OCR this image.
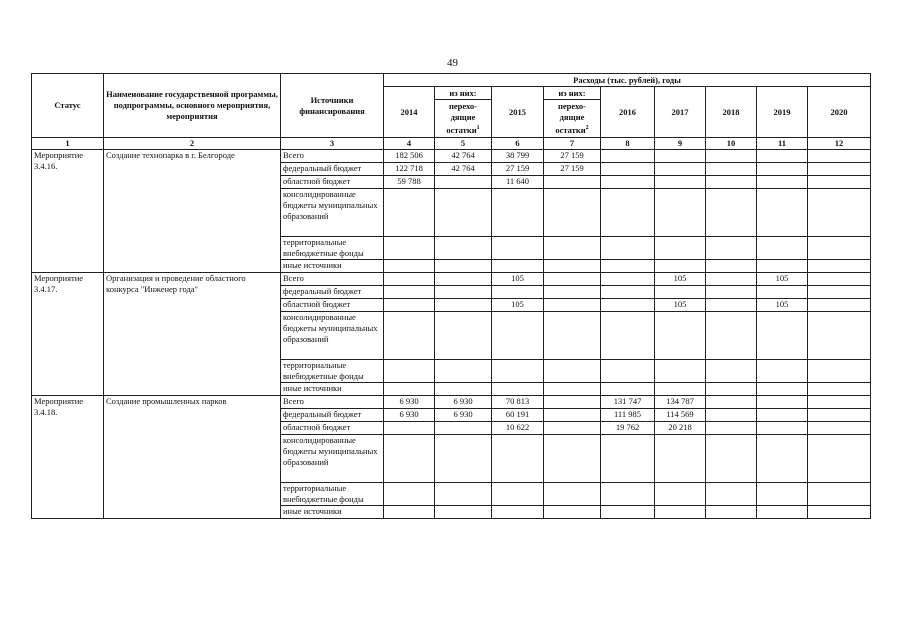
49
Статус	Наименование государственной программы, подпрограммы, основного мероприятия, мероприятия	Источники финансирования	Расходы (тыс. рублей), годы								
			2014	из них:	2015	из них:	2016	2017	2018	2019	2020
				перехо-дящие остатки$^1$		перехо-дящие остатки$^2$
1	2	3	4	5	6	7	8	9	10	11	12
Мероприятие 3.4.16.	Создание технопарка в г. Белгороде	Всего	182 506	42 764	38 799	27 159					
		федеральный бюджет	122 718	42 764	27 159	27 159					
		областной бюджет	59 788		11 640						
		консолидированные бюджеты муниципальных образований									
		территориальные внебюджетные фонды									
		иные источники									
Мероприятие 3.4.17.	Организация и проведение областного конкурса "Инженер года"	Всего			105			105		105	
		федеральный бюджет									
		областной бюджет			105			105		105	
		консолидированные бюджеты муниципальных образований									
		территориальные внебюджетные фонды									
		иные источники									
Мероприятие 3.4.18.	Создание промышленных парков	Всего	6 930	6 930	70 813		131 747	134 787			
		федеральный бюджет	6 930	6 930	60 191		111 985	114 569			
		областной бюджет			10 622		19 762	20 218			
		консолидированные бюджеты муниципальных образований									
		территориальные внебюджетные фонды									
		иные источники									
